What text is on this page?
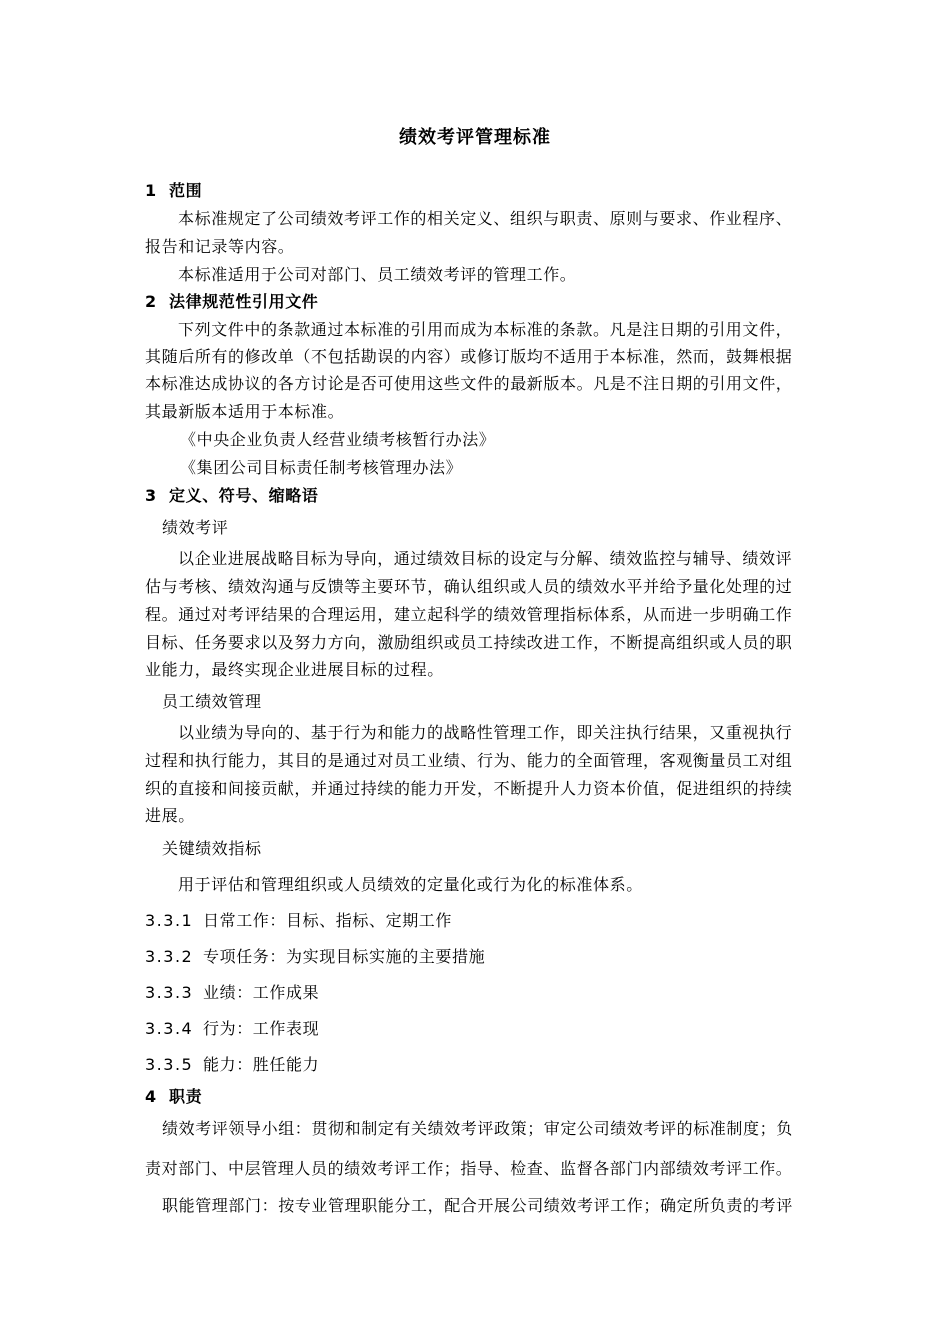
绩效考评管理标准
1 范围
本标准规定了公司绩效考评工作的相关定义、组织与职责、原则与要求、作业程序、
报告和记录等内容。
本标准适用于公司对部门、员工绩效考评的管理工作。
2 法律规范性引用文件
下列文件中的条款通过本标准的引用而成为本标准的条款。凡是注日期的引用文件，
其随后所有的修改单（不包括勘误的内容）或修订版均不适用于本标准，然而，鼓舞根据
本标准达成协议的各方讨论是否可使用这些文件的最新版本。凡是不注日期的引用文件，
其最新版本适用于本标准。
《中央企业负责人经营业绩考核暂行办法》
《集团公司目标责任制考核管理办法》
3 定义、符号、缩略语
绩效考评
以企业进展战略目标为导向，通过绩效目标的设定与分解、绩效监控与辅导、绩效评
估与考核、绩效沟通与反馈等主要环节，确认组织或人员的绩效水平并给予量化处理的过
程。通过对考评结果的合理运用，建立起科学的绩效管理指标体系，从而进一步明确工作
目标、任务要求以及努力方向，激励组织或员工持续改进工作，不断提高组织或人员的职
业能力，最终实现企业进展目标的过程。
员工绩效管理
以业绩为导向的、基于行为和能力的战略性管理工作，即关注执行结果，又重视执行
过程和执行能力，其目的是通过对员工业绩、行为、能力的全面管理，客观衡量员工对组
织的直接和间接贡献，并通过持续的能力开发，不断提升人力资本价值，促进组织的持续
进展。
关键绩效指标
用于评估和管理组织或人员绩效的定量化或行为化的标准体系。
3.3.1 日常工作：目标、指标、定期工作
3.3.2 专项任务：为实现目标实施的主要措施
3.3.3 业绩：工作成果
3.3.4 行为：工作表现
3.3.5 能力：胜任能力
4 职责
绩效考评领导小组：贯彻和制定有关绩效考评政策；审定公司绩效考评的标准制度；负
责对部门、中层管理人员的绩效考评工作；指导、检查、监督各部门内部绩效考评工作。
职能管理部门：按专业管理职能分工，配合开展公司绩效考评工作；确定所负责的考评
